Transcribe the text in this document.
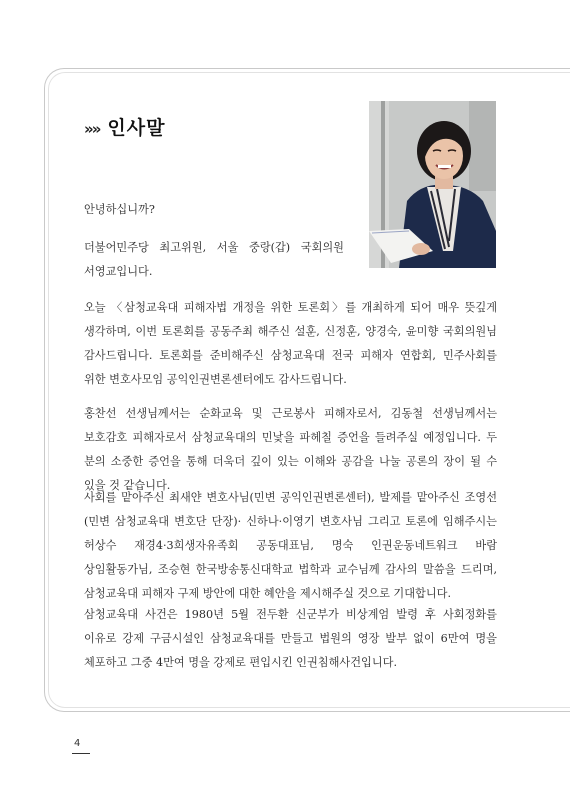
»» 인사말

안녕하십니까?

더불어민주당 최고위원, 서울 중랑(갑) 국회의원 서영교입니다.

오늘 〈삼청교육대 피해자법 개정을 위한 토론회〉를 개최하게 되어 매우 뜻깊게 생각하며, 이번 토론회를 공동주최 해주신 설훈, 신정훈, 양경숙, 윤미향 국회의원님 감사드립니다. 토론회를 준비해주신 삼청교육대 전국 피해자 연합회, 민주사회를 위한 변호사모임 공익인권변론센터에도 감사드립니다.

홍찬선 선생님께서는 순화교육 및 근로봉사 피해자로서, 김동철 선생님께서는 보호감호 피해자로서 삼청교육대의 민낯을 파헤칠 증언을 들려주실 예정입니다. 두 분의 소중한 증언을 통해 더욱더 깊이 있는 이해와 공감을 나눌 공론의 장이 될 수 있을 것 같습니다.

사회를 맡아주신 최새얀 변호사님(민변 공익인권변론센터), 발제를 맡아주신 조영선(민변 삼청교육대 변호단 단장)· 신하나·이영기 변호사님 그리고 토론에 임해주시는 허상수 재경4·3희생자유족회 공동대표님, 명숙 인권운동네트워크 바람 상임활동가님, 조승현 한국방송통신대학교 법학과 교수님께 감사의 말씀을 드리며, 삼청교육대 피해자 구제 방안에 대한 혜안을 제시해주실 것으로 기대합니다.

삼청교육대 사건은 1980년 5월 전두환 신군부가 비상계엄 발령 후 사회정화를 이유로 강제 구금시설인 삼청교육대를 만들고 법원의 영장 발부 없이 6만여 명을 체포하고 그중 4만여 명을 강제로 편입시킨 인권침해사건입니다.

4
